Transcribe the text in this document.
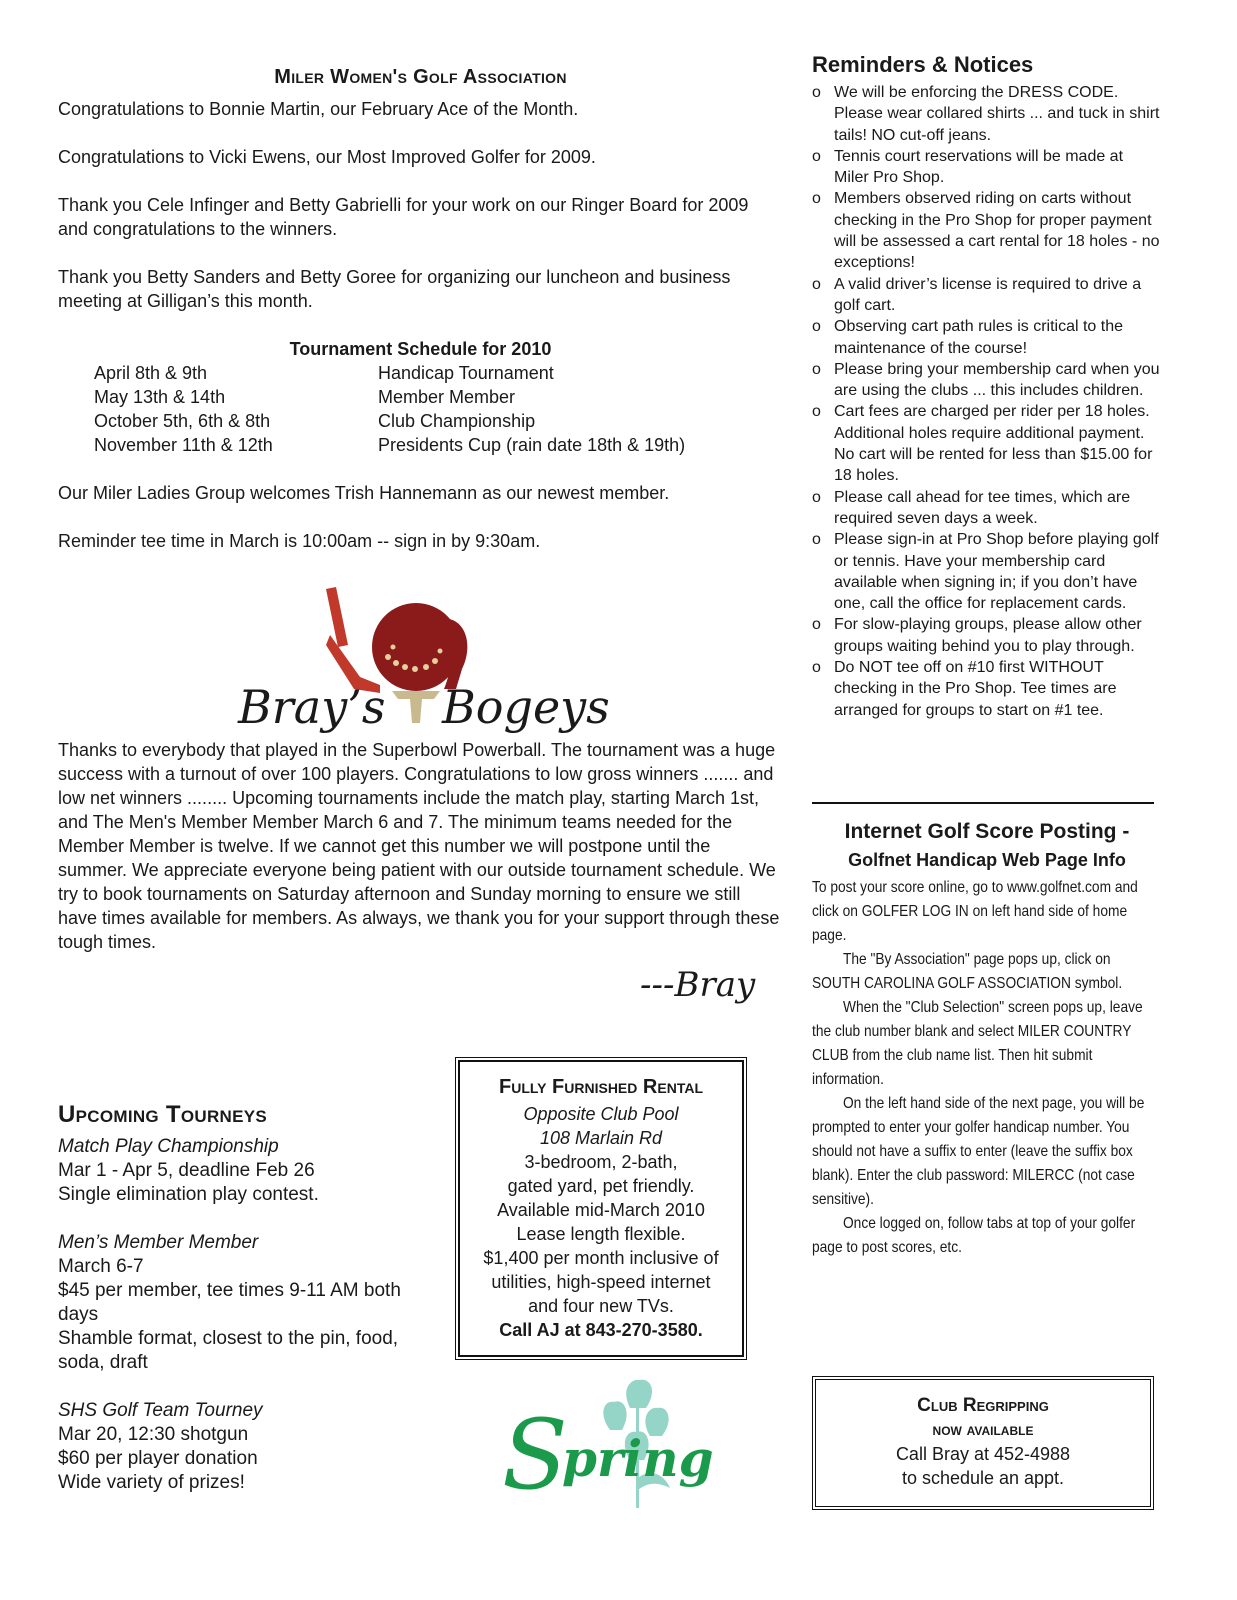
Miler Women's Golf Association

Congratulations to Bonnie Martin, our February Ace of the Month.

Congratulations to Vicki Ewens, our Most Improved Golfer for 2009.

Thank you Cele Infinger and Betty Gabrielli for your work on our Ringer Board for 2009 and congratulations to the winners.

Thank you Betty Sanders and Betty Goree for organizing our luncheon and business meeting at Gilligan’s this month.

Tournament Schedule for 2010
April 8th & 9th	Handicap Tournament
May 13th & 14th	Member Member
October 5th, 6th & 8th	Club Championship
November 11th & 12th	Presidents Cup (rain date 18th & 19th)

Our Miler Ladies Group welcomes Trish Hannemann as our newest member.

Reminder tee time in March is 10:00am -- sign in by 9:30am.

Bray’s Bogeys

Thanks to everybody that played in the Superbowl Powerball. The tournament was a huge success with a turnout of over 100 players. Congratulations to low gross winners ....... and low net winners ........ Upcoming tournaments include the match play, starting March 1st, and The Men's Member Member March 6 and 7. The minimum teams needed for the Member Member is twelve. If we cannot get this number we will postpone until the summer. We appreciate everyone being patient with our outside tournament schedule. We try to book tournaments on Saturday afternoon and Sunday morning to ensure we still have times available for members. As always, we thank you for your support through these tough times.

---Bray
Upcoming Tourneys
Match Play Championship
Mar 1 - Apr 5, deadline Feb 26
Single elimination play contest.
Men’s Member Member
March 6-7
$45 per member, tee times 9-11 AM both days
Shamble format, closest to the pin, food, soda, draft
SHS Golf Team Tourney
Mar 20, 12:30 shotgun
$60 per player donation
Wide variety of prizes!
Fully Furnished Rental
Opposite Club Pool
108 Marlain Rd
3-bedroom, 2-bath,
gated yard, pet friendly.
Available mid-March 2010
Lease length flexible.
$1,400 per month inclusive of
utilities, high-speed internet
and four new TVs.
Call AJ at 843-270-3580.
S
pring
Reminders & Notices
o We will be enforcing the DRESS CODE. Please wear collared shirts ... and tuck in shirt tails! NO cut-off jeans.
o Tennis court reservations will be made at Miler Pro Shop.
o Members observed riding on carts without checking in the Pro Shop for proper payment will be assessed a cart rental for 18 holes - no exceptions!
o A valid driver’s license is required to drive a golf cart.
o Observing cart path rules is critical to the maintenance of the course!
o Please bring your membership card when you are using the clubs ... this includes children.
o Cart fees are charged per rider per 18 holes. Additional holes require additional payment. No cart will be rented for less than $15.00 for 18 holes.
o Please call ahead for tee times, which are required seven days a week.
o Please sign-in at Pro Shop before playing golf or tennis. Have your membership card available when signing in; if you don’t have one, call the office for replacement cards.
o For slow-playing groups, please allow other groups waiting behind you to play through.
o Do NOT tee off on #10 first WITHOUT checking in the Pro Shop. Tee times are arranged for groups to start on #1 tee.
Internet Golf Score Posting -
Golfnet Handicap Web Page Info

To post your score online, go to www.golfnet.com and click on GOLFER LOG IN on left hand side of home page.

The "By Association" page pops up, click on SOUTH CAROLINA GOLF ASSOCIATION symbol.

When the "Club Selection" screen pops up, leave the club number blank and select MILER COUNTRY CLUB from the club name list. Then hit submit information.

On the left hand side of the next page, you will be prompted to enter your golfer handicap number. You should not have a suffix to enter (leave the suffix box blank). Enter the club password: MILERCC (not case sensitive).

Once logged on, follow tabs at top of your golfer page to post scores, etc.

Club Regripping
now available
Call Bray at 452-4988
to schedule an appt.
